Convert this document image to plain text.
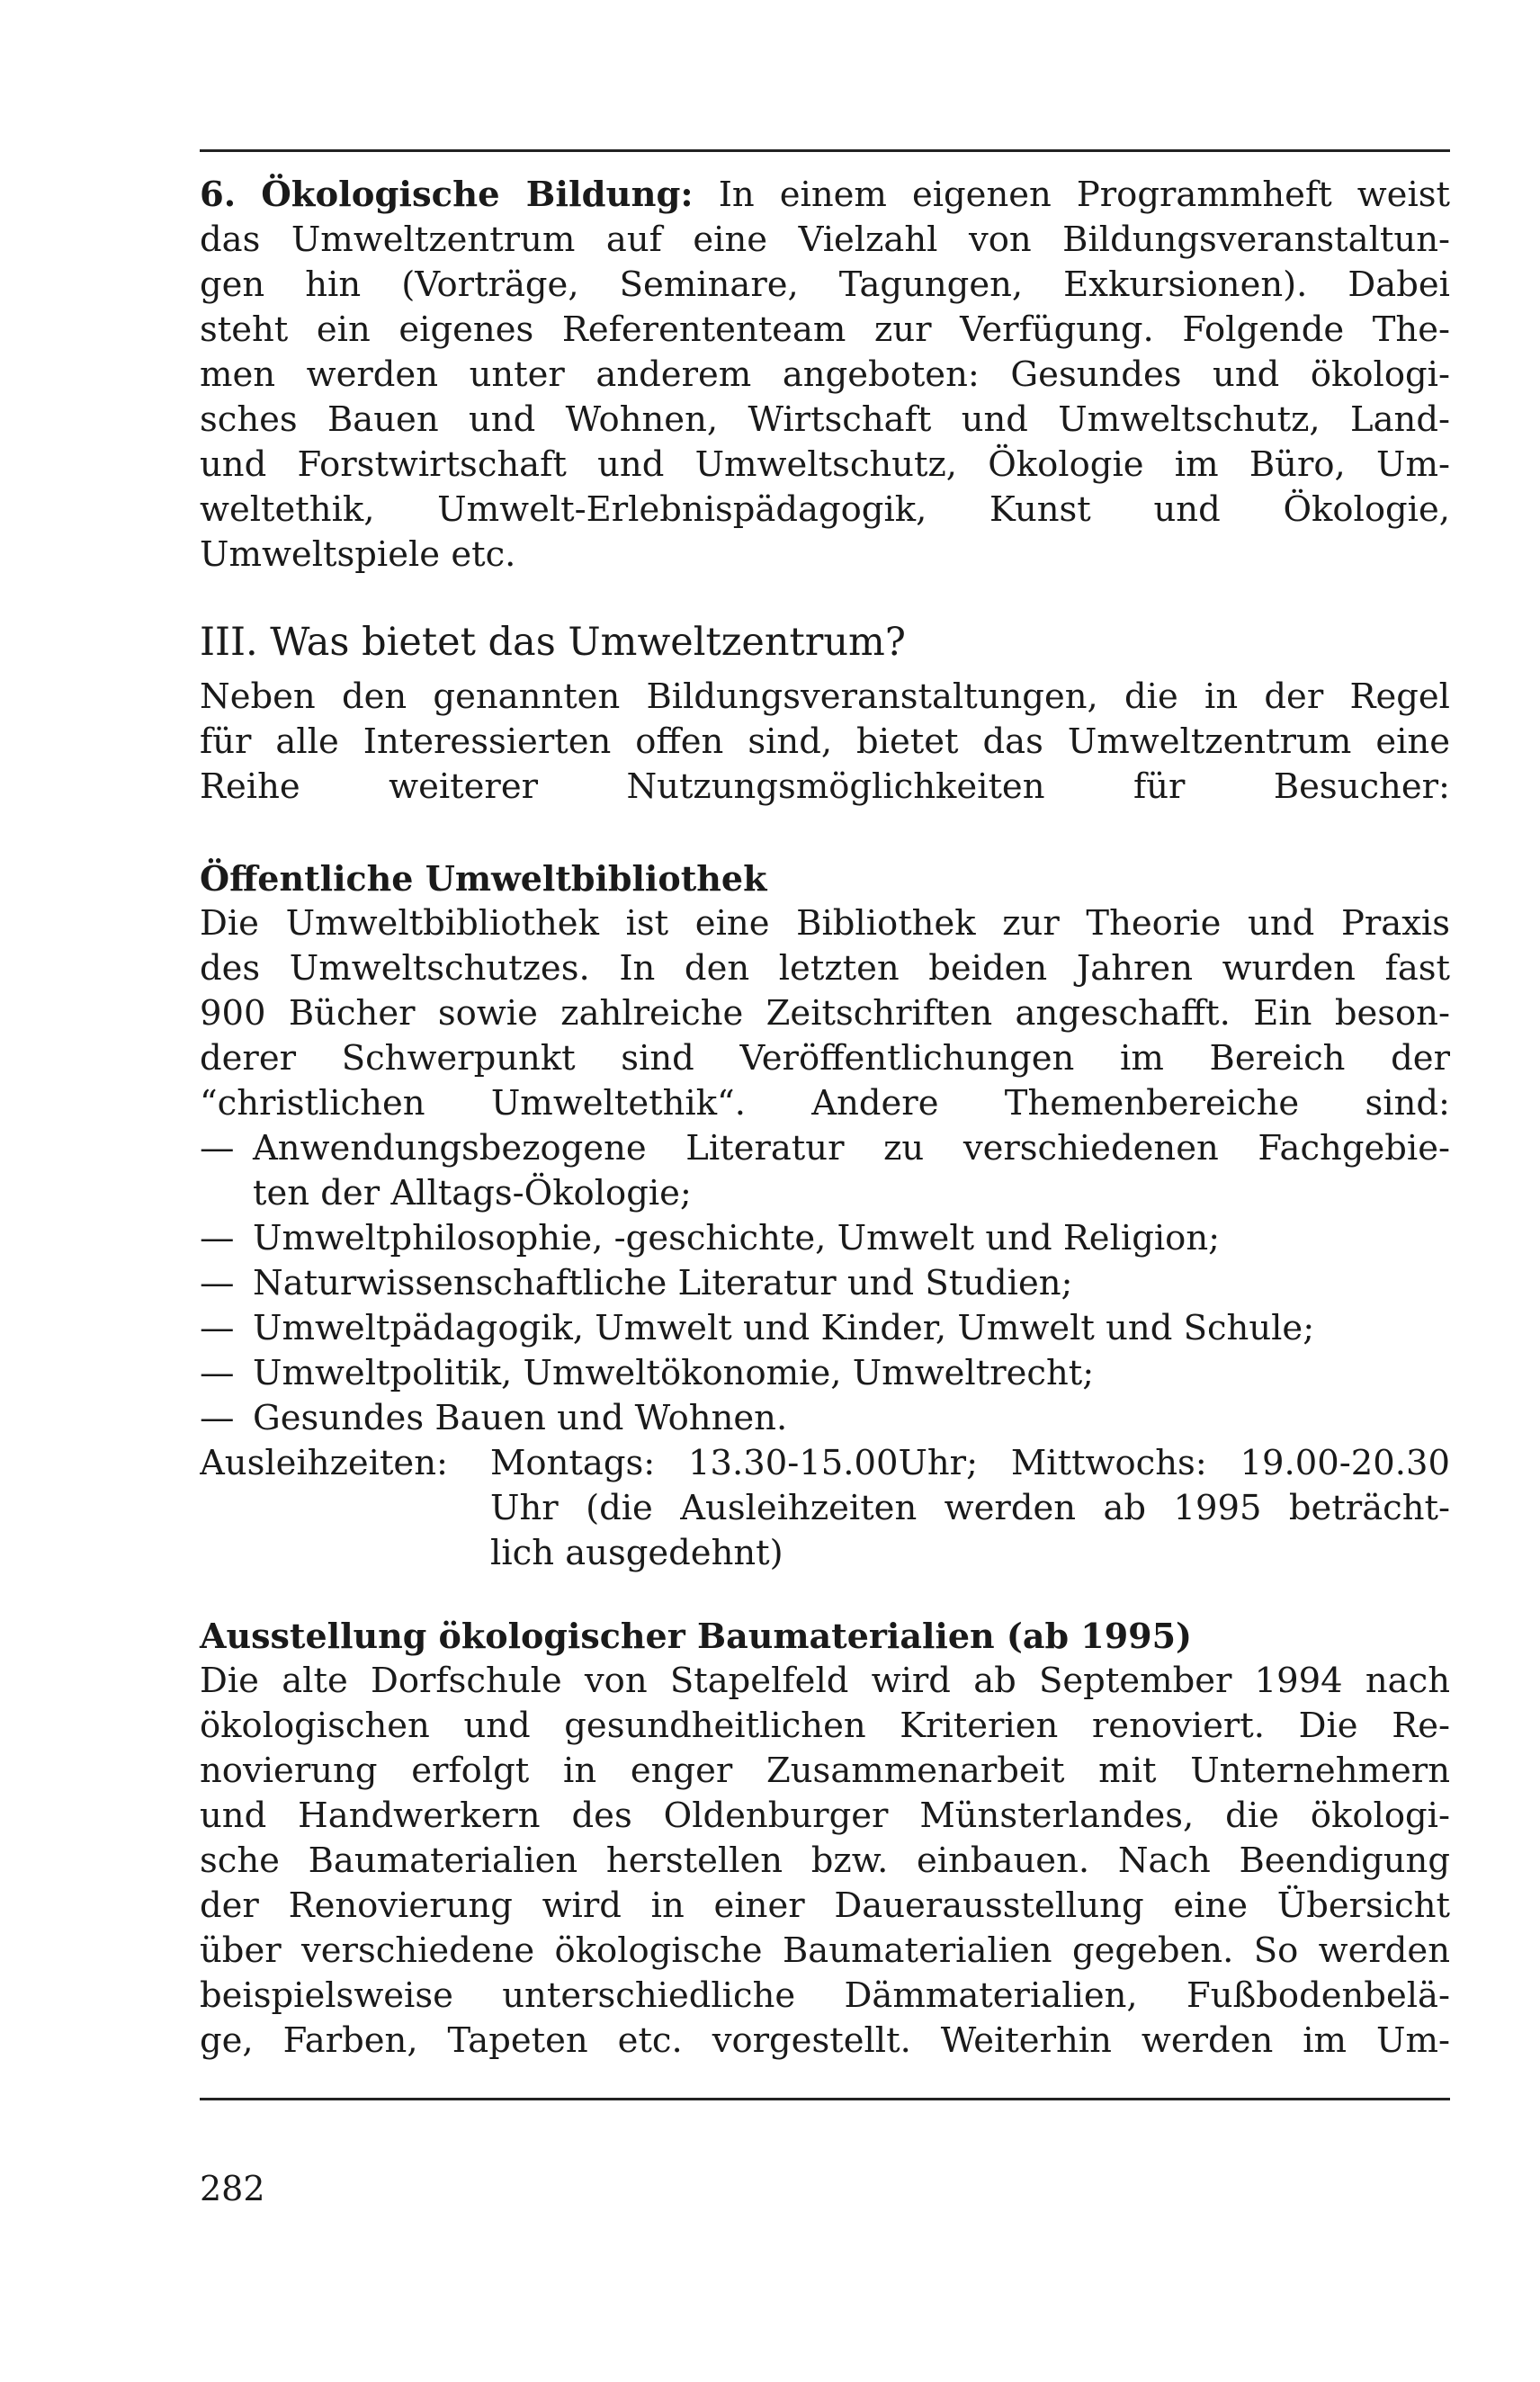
6. Ökologische Bildung: In einem eigenen Programmheft weist
das Umweltzentrum auf eine Vielzahl von Bildungsveranstaltun-
gen hin (Vorträge, Seminare, Tagungen, Exkursionen). Dabei
steht ein eigenes Referententeam zur Verfügung. Folgende The-
men werden unter anderem angeboten: Gesundes und ökologi-
sches Bauen und Wohnen, Wirtschaft und Umweltschutz, Land-
und Forstwirtschaft und Umweltschutz, Ökologie im Büro, Um-
weltethik, Umwelt-Erlebnispädagogik, Kunst und Ökologie,
Umweltspiele etc.
III. Was bietet das Umweltzentrum?
Neben den genannten Bildungsveranstaltungen, die in der Regel
für alle Interessierten offen sind, bietet das Umweltzentrum eine
Reihe weiterer Nutzungsmöglichkeiten für Besucher:
Öffentliche Umweltbibliothek
Die Umweltbibliothek ist eine Bibliothek zur Theorie und Praxis
des Umweltschutzes. In den letzten beiden Jahren wurden fast
900 Bücher sowie zahlreiche Zeitschriften angeschafft. Ein beson-
derer Schwerpunkt sind Veröffentlichungen im Bereich der
“christlichen Umweltethik“. Andere Themenbereiche sind:
— Anwendungsbezogene Literatur zu verschiedenen Fachgebie-
ten der Alltags-Ökologie;
— Umweltphilosophie, -geschichte, Umwelt und Religion;
— Naturwissenschaftliche Literatur und Studien;
— Umweltpädagogik, Umwelt und Kinder, Umwelt und Schule;
— Umweltpolitik, Umweltökonomie, Umweltrecht;
— Gesundes Bauen und Wohnen.
Ausleihzeiten: Montags: 13.30-15.00Uhr; Mittwochs: 19.00-20.30
Uhr (die Ausleihzeiten werden ab 1995 beträcht-
lich ausgedehnt)
Ausstellung ökologischer Baumaterialien (ab 1995)
Die alte Dorfschule von Stapelfeld wird ab September 1994 nach
ökologischen und gesundheitlichen Kriterien renoviert. Die Re-
novierung erfolgt in enger Zusammenarbeit mit Unternehmern
und Handwerkern des Oldenburger Münsterlandes, die ökologi-
sche Baumaterialien herstellen bzw. einbauen. Nach Beendigung
der Renovierung wird in einer Dauerausstellung eine Übersicht
über verschiedene ökologische Baumaterialien gegeben. So werden
beispielsweise unterschiedliche Dämmaterialien, Fußbodenbelä-
ge, Farben, Tapeten etc. vorgestellt. Weiterhin werden im Um-
282
